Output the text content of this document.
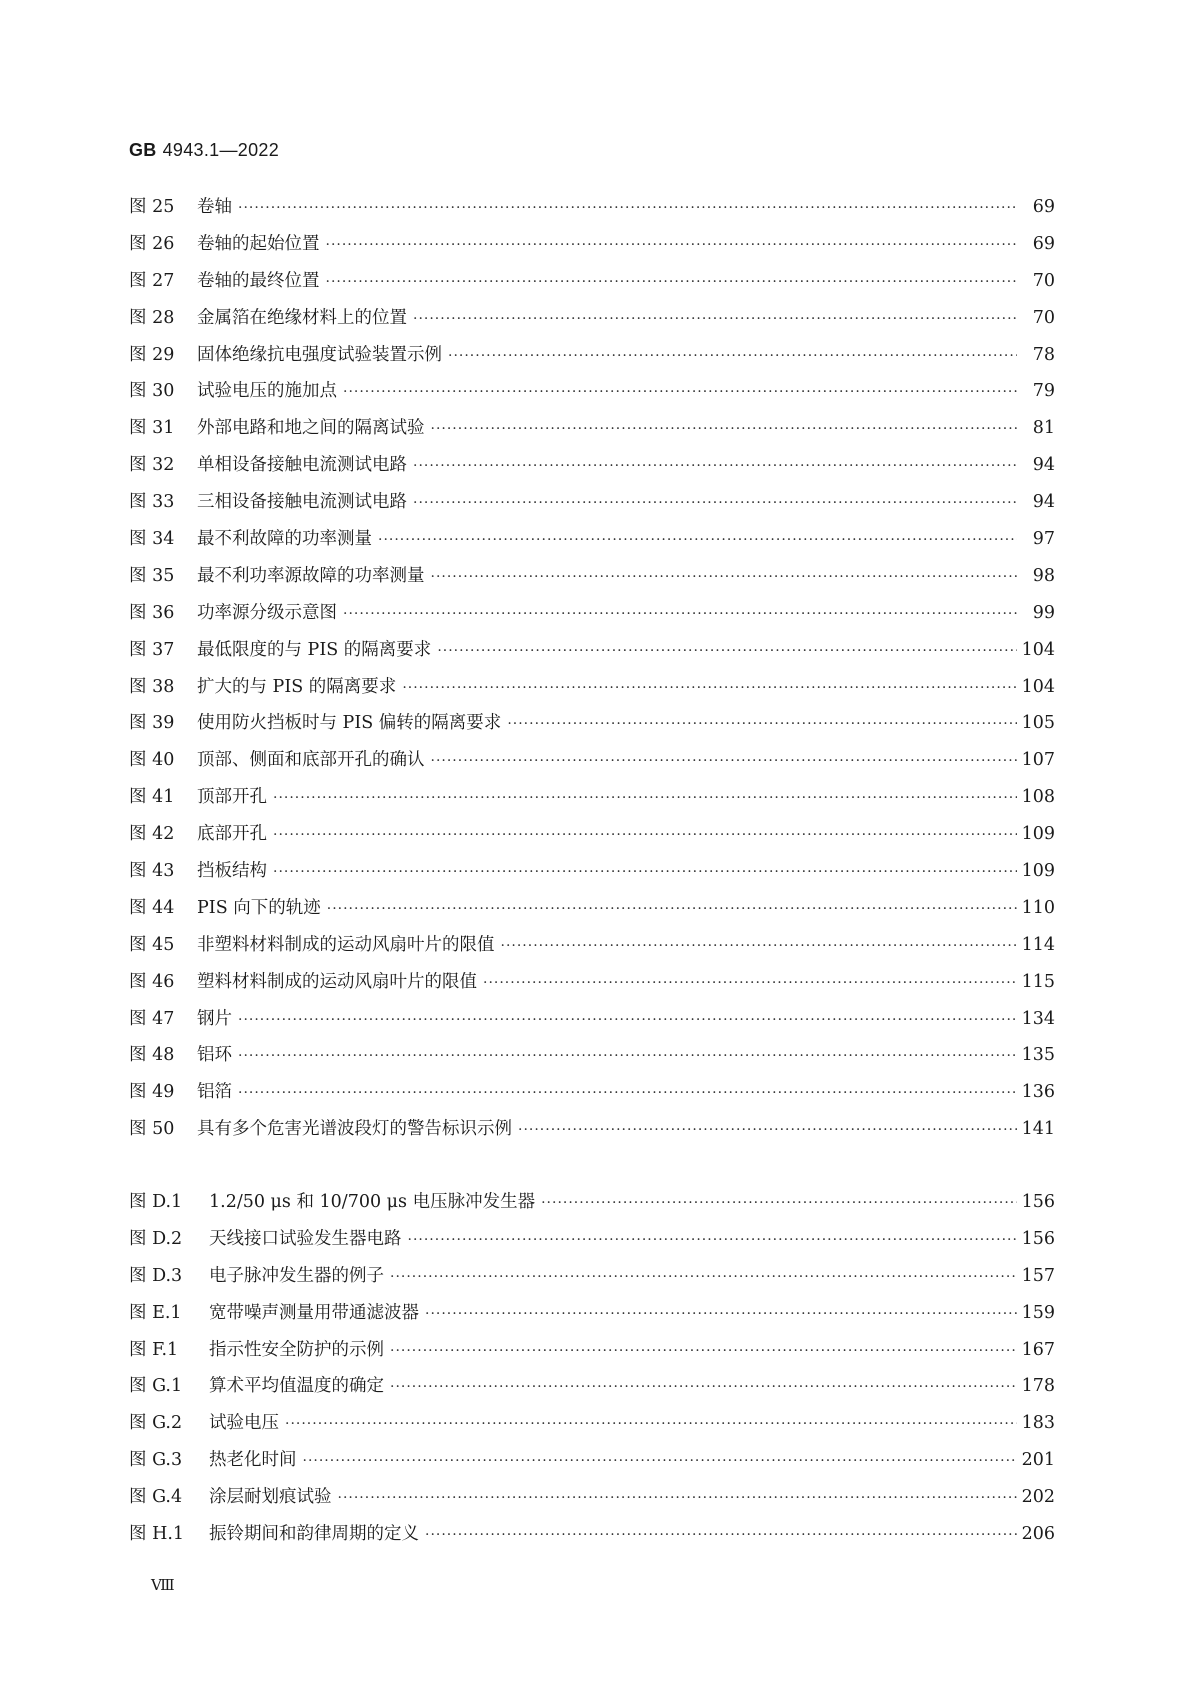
GB 4943.1—2022
图 25	卷轴 ·····	69
图 26	卷轴的起始位置 ·····	69
图 27	卷轴的最终位置 ·····	70
图 28	金属箔在绝缘材料上的位置 ·····	70
图 29	固体绝缘抗电强度试验装置示例 ·····	78
图 30	试验电压的施加点 ·····	79
图 31	外部电路和地之间的隔离试验 ·····	81
图 32	单相设备接触电流测试电路 ·····	94
图 33	三相设备接触电流测试电路 ·····	94
图 34	最不利故障的功率测量 ·····	97
图 35	最不利功率源故障的功率测量 ·····	98
图 36	功率源分级示意图 ·····	99
图 37	最低限度的与 PIS 的隔离要求 ·····	104
图 38	扩大的与 PIS 的隔离要求 ·····	104
图 39	使用防火挡板时与 PIS 偏转的隔离要求 ·····	105
图 40	顶部、侧面和底部开孔的确认 ·····	107
图 41	顶部开孔 ·····	108
图 42	底部开孔 ·····	109
图 43	挡板结构 ·····	109
图 44	PIS 向下的轨迹 ·····	110
图 45	非塑料材料制成的运动风扇叶片的限值 ·····	114
图 46	塑料材料制成的运动风扇叶片的限值 ·····	115
图 47	钢片 ·····	134
图 48	铝环 ·····	135
图 49	铝箔 ·····	136
图 50	具有多个危害光谱波段灯的警告标识示例 ·····	141
图 D.1	1.2/50 μs 和 10/700 μs 电压脉冲发生器 ·····	156
图 D.2	天线接口试验发生器电路 ·····	156
图 D.3	电子脉冲发生器的例子 ·····	157
图 E.1	宽带噪声测量用带通滤波器 ·····	159
图 F.1	指示性安全防护的示例 ·····	167
图 G.1	算术平均值温度的确定 ·····	178
图 G.2	试验电压 ·····	183
图 G.3	热老化时间 ·····	201
图 G.4	涂层耐划痕试验 ·····	202
图 H.1	振铃期间和韵律周期的定义 ·····	206
Ⅷ
